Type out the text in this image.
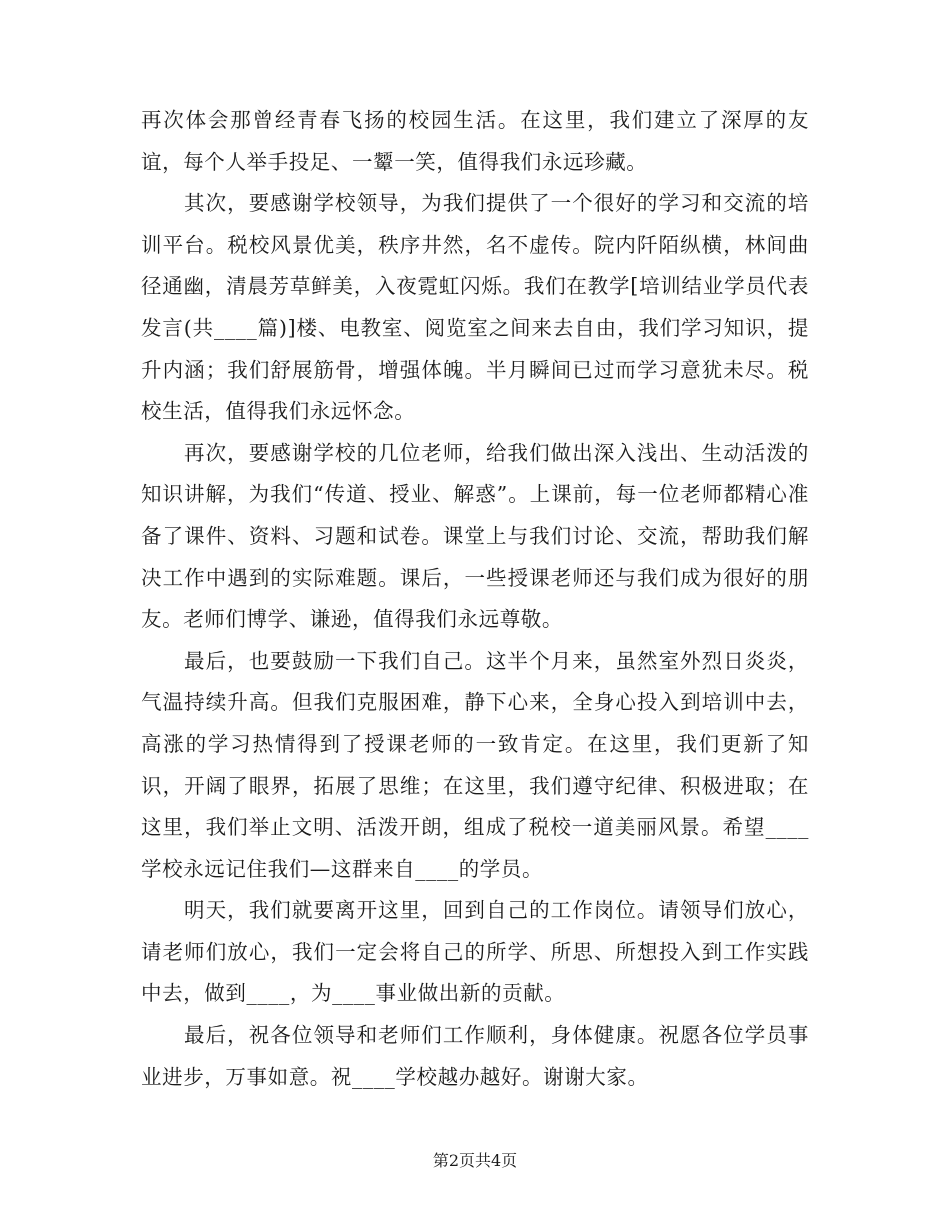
再次体会那曾经青春飞扬的校园生活。在这里，我们建立了深厚的友谊，每个人举手投足、一颦一笑，值得我们永远珍藏。

其次，要感谢学校领导，为我们提供了一个很好的学习和交流的培训平台。税校风景优美，秩序井然，名不虚传。院内阡陌纵横，林间曲径通幽，清晨芳草鲜美，入夜霓虹闪烁。我们在教学[培训结业学员代表发言(共____篇)]楼、电教室、阅览室之间来去自由，我们学习知识，提升内涵；我们舒展筋骨，增强体魄。半月瞬间已过而学习意犹未尽。税校生活，值得我们永远怀念。

再次，要感谢学校的几位老师，给我们做出深入浅出、生动活泼的知识讲解，为我们“传道、授业、解惑”。上课前，每一位老师都精心准备了课件、资料、习题和试卷。课堂上与我们讨论、交流，帮助我们解决工作中遇到的实际难题。课后，一些授课老师还与我们成为很好的朋友。老师们博学、谦逊，值得我们永远尊敬。

最后，也要鼓励一下我们自己。这半个月来，虽然室外烈日炎炎，气温持续升高。但我们克服困难，静下心来，全身心投入到培训中去，高涨的学习热情得到了授课老师的一致肯定。在这里，我们更新了知识，开阔了眼界，拓展了思维；在这里，我们遵守纪律、积极进取；在这里，我们举止文明、活泼开朗，组成了税校一道美丽风景。希望____学校永远记住我们—这群来自____的学员。

明天，我们就要离开这里，回到自己的工作岗位。请领导们放心，请老师们放心，我们一定会将自己的所学、所思、所想投入到工作实践中去，做到____，为____事业做出新的贡献。

最后，祝各位领导和老师们工作顺利，身体健康。祝愿各位学员事业进步，万事如意。祝____学校越办越好。谢谢大家。

第2页共4页
